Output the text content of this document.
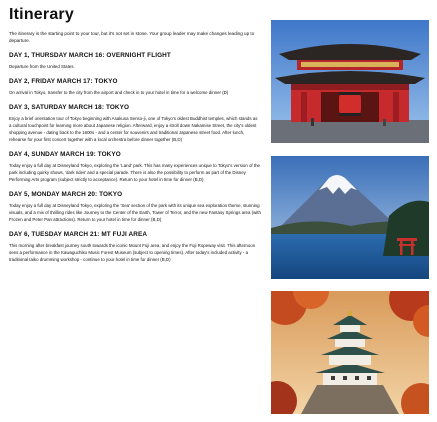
Itinerary

The itinerary is the starting point to your tour, but it's not set in stone. Your group leader may make changes leading up to departure.

DAY 1, THURSDAY MARCH 16: OVERNIGHT FLIGHT

Departure from the United States.

DAY 2, FRIDAY MARCH 17: TOKYO

On arrival in Tokyo, transfer to the city from the airport and check in to your hotel in time for a welcome dinner (D)

DAY 3, SATURDAY MARCH 18: TOKYO

Enjoy a brief orientation tour of Tokyo beginning with Asakusa Senso-ji, one of Tokyo's oldest Buddhist temples, which stands as a cultural touchpoint for learning more about Japanese religion. Afterward, enjoy a stroll down Nakamise Street, the city's oldest shopping avenue - dating back to the 1600s - and a center for souvenirs and traditional Japanese street food. After lunch, rehearse for your first concert together with a local orchestra before dinner together (B,D)

DAY 4, SUNDAY MARCH 19: TOKYO

Today enjoy a full day at Disneyland Tokyo, exploring the 'Land' park. This has many experiences unique to Tokyo's version of the park including quirky shows, 'dark rides' and a special parade. There is also the possibility to perform as part of the Disney Performing Arts program (subject strictly to acceptance). Return to your hotel in time for dinner (B,D)

DAY 5, MONDAY MARCH 20: TOKYO

Today enjoy a full day at Disneyland Tokyo, exploring the 'Sea' section of the park with its unique sea exploration theme, stunning visuals, and a mix of thrilling rides like Journey to the Center of the Earth, Tower of Terror, and the new Fantasy Springs area (with Frozen and Peter Pan attractions). Return to your hotel in time for dinner (B,D)

DAY 6, TUESDAY MARCH 21: MT FUJI AREA

This morning after breakfast journey south towards the iconic Mount Fuji area, and enjoy the Fuji Ropeway visit. This afternoon sees a performance in the Kawaguchiko Music Forest Museum (subject to opening times). After today's included activity - a traditional taiko drumming workshop - continue to your hotel in time for dinner (B,D)
